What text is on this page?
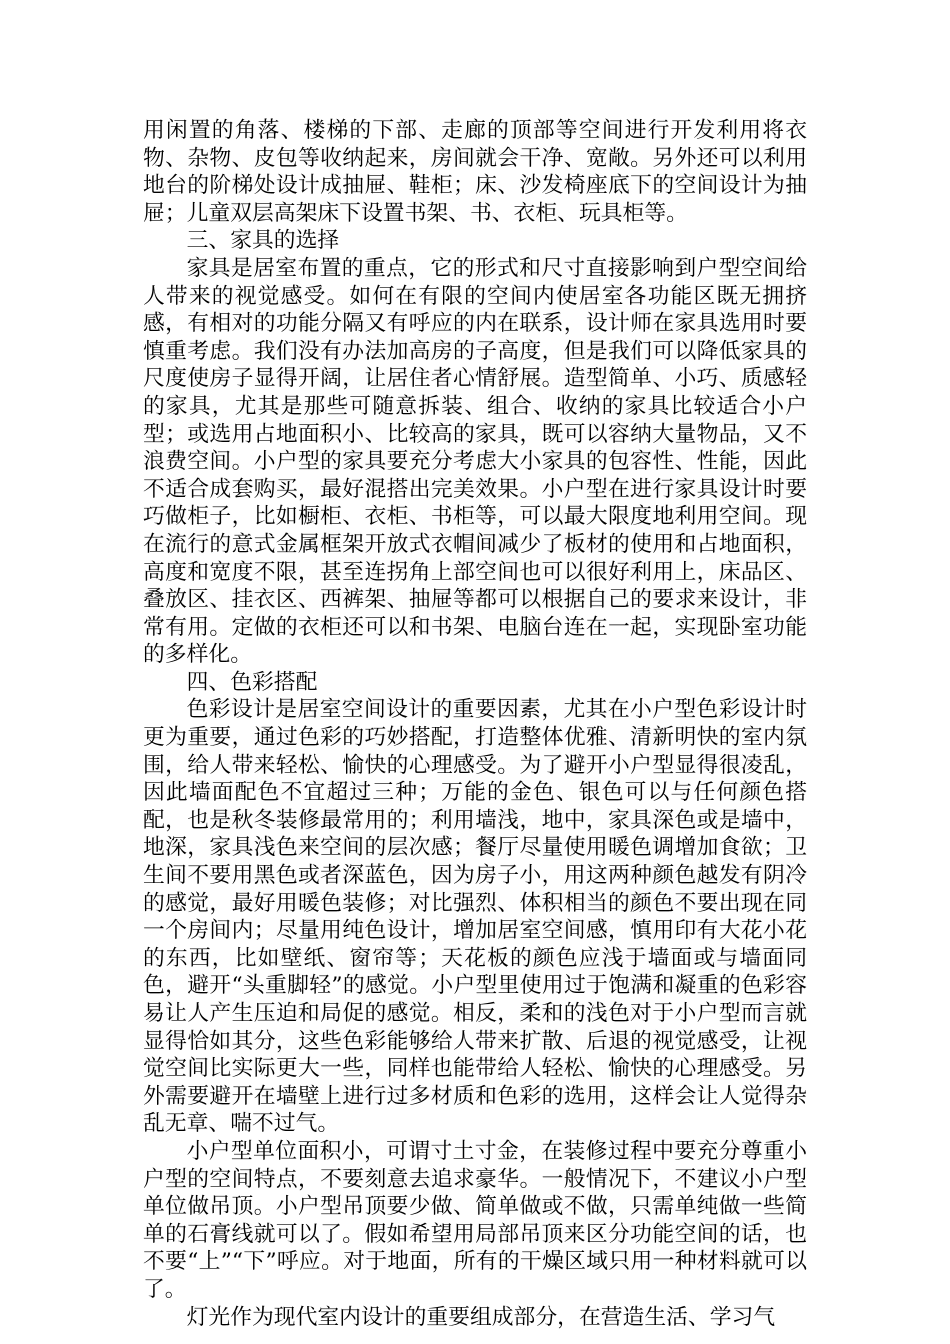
用闲置的角落、楼梯的下部、走廊的顶部等空间进行开发利用将衣物、杂物、皮包等收纳起来，房间就会干净、宽敞。另外还可以利用地台的阶梯处设计成抽屉、鞋柜；床、沙发椅座底下的空间设计为抽屉；儿童双层高架床下设置书架、书、衣柜、玩具柜等。

三、家具的选择

家具是居室布置的重点，它的形式和尺寸直接影响到户型空间给人带来的视觉感受。如何在有限的空间内使居室各功能区既无拥挤感，有相对的功能分隔又有呼应的内在联系，设计师在家具选用时要慎重考虑。我们没有办法加高房的子高度，但是我们可以降低家具的尺度使房子显得开阔，让居住者心情舒展。造型简单、小巧、质感轻的家具，尤其是那些可随意拆装、组合、收纳的家具比较适合小户型；或选用占地面积小、比较高的家具，既可以容纳大量物品，又不浪费空间。小户型的家具要充分考虑大小家具的包容性、性能，因此不适合成套购买，最好混搭出完美效果。小户型在进行家具设计时要巧做柜子，比如橱柜、衣柜、书柜等，可以最大限度地利用空间。现在流行的意式金属框架开放式衣帽间减少了板材的使用和占地面积，高度和宽度不限，甚至连拐角上部空间也可以很好利用上，床品区、叠放区、挂衣区、西裤架、抽屉等都可以根据自己的要求来设计，非常有用。定做的衣柜还可以和书架、电脑台连在一起，实现卧室功能的多样化。

四、色彩搭配

色彩设计是居室空间设计的重要因素，尤其在小户型色彩设计时更为重要，通过色彩的巧妙搭配，打造整体优雅、清新明快的室内氛围，给人带来轻松、愉快的心理感受。为了避开小户型显得很凌乱，因此墙面配色不宜超过三种；万能的金色、银色可以与任何颜色搭配，也是秋冬装修最常用的；利用墙浅，地中，家具深色或是墙中，地深，家具浅色来空间的层次感；餐厅尽量使用暖色调增加食欲；卫生间不要用黑色或者深蓝色，因为房子小，用这两种颜色越发有阴冷的感觉，最好用暖色装修；对比强烈、体积相当的颜色不要出现在同一个房间内；尽量用纯色设计，增加居室空间感，慎用印有大花小花的东西，比如壁纸、窗帘等；天花板的颜色应浅于墙面或与墙面同色，避开“头重脚轻”的感觉。小户型里使用过于饱满和凝重的色彩容易让人产生压迫和局促的感觉。相反，柔和的浅色对于小户型而言就显得恰如其分，这些色彩能够给人带来扩散、后退的视觉感受，让视觉空间比实际更大一些，同样也能带给人轻松、愉快的心理感受。另外需要避开在墙壁上进行过多材质和色彩的选用，这样会让人觉得杂乱无章、喘不过气。

小户型单位面积小，可谓寸土寸金，在装修过程中要充分尊重小户型的空间特点，不要刻意去追求豪华。一般情况下，不建议小户型单位做吊顶。小户型吊顶要少做、简单做或不做，只需单纯做一些简单的石膏线就可以了。假如希望用局部吊顶来区分功能空间的话，也不要“上”“下”呼应。对于地面，所有的干燥区域只用一种材料就可以了。

灯光作为现代室内设计的重要组成部分，在营造生活、学习气
